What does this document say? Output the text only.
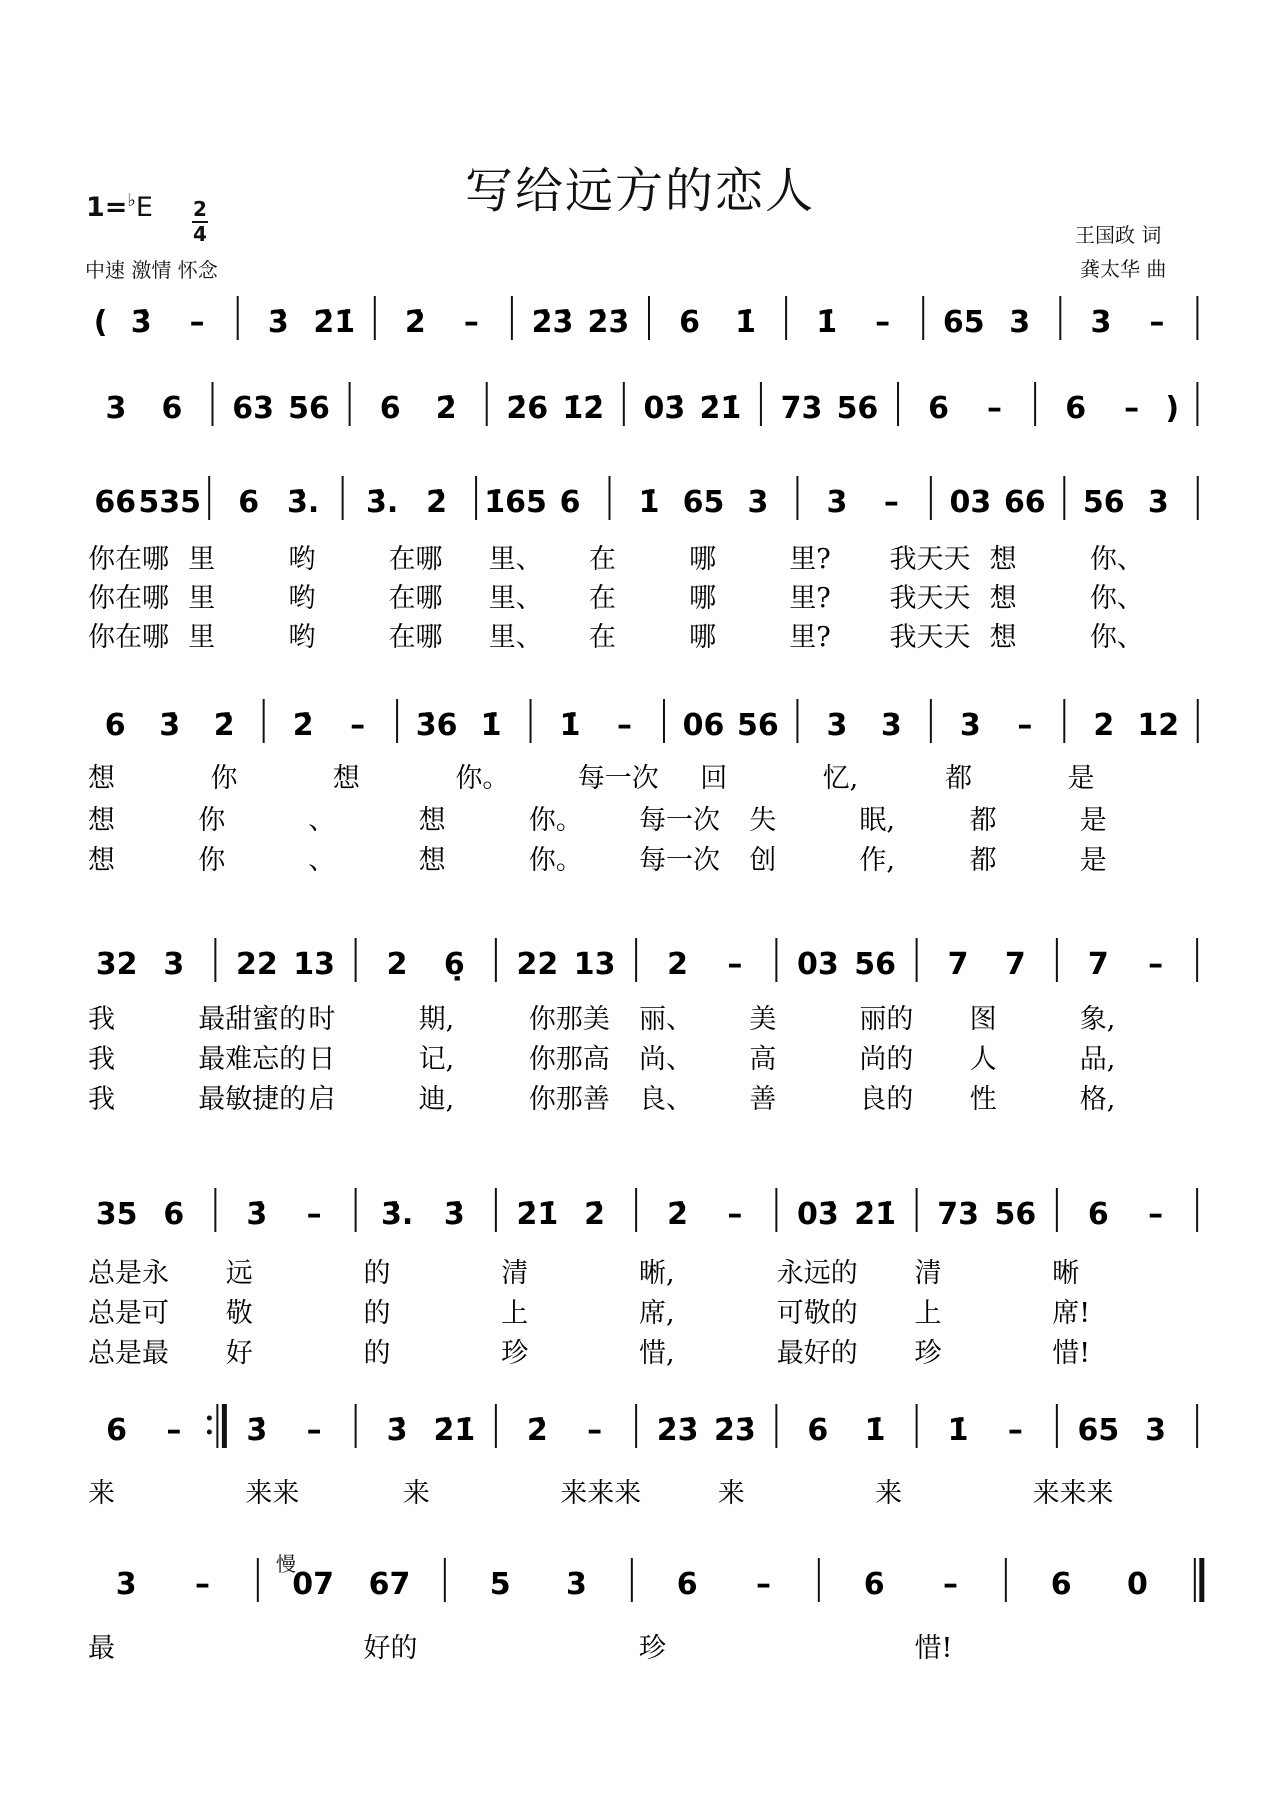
写给远方的恋人
1=♭E 2
4
中速 激情 怀念
王国政 词
龚太华 曲
慢
( 3̇ – 3̇ 2̇1̇ 2̇ – 2̇3̇ 2̇3̇ 6 1̇ 1̇ – 65 3 3 –
3 6 63 56 6 2̇ 2̇6 1̇2̇ 03̇ 2̇1̇ 73 56 6 – 6 – )
66 535 6 3̇. 3̇. 2̇ 1̇65 6 1̇ 65 3 3 – 03 66 56 3
你在哪 里	哟	在哪 里、 在	哪	里? 我天天 想	你、
你在哪 里	哟	在哪 里、 在	哪	里? 我天天 想	你、
你在哪 里	哟	在哪 里、 在	哪	里? 我天天 想	你、
6 3̇ 2̇ 2̇ – 3̇6 1̇ 1̇ – 06 56 3 3 3 – 2 12
想	你	想	你。	每一次 回	忆,	都	是
想	你	、	想	你。 每一次 失	眠,	都	是
想	你	、	想	你。 每一次 创	作,	都	是
32 3 22 13 2 6̣ 22 13 2 – 03 56 7 7 7 –
我	最甜蜜的 时	期,	你那美 丽、 美	丽的 图	象,
我	最难忘的 日	记,	你那高 尚、 高	尚的 人	品,
我	最敏捷的 启	迪,	你那善 良、 善	良的 性	格,
35 6 3̇ – 3̇. 3̇ 2̇1̇ 2̇ 2̇ – 03̇ 2̇1̇ 73 56 6 –
总是永 远	的	清	晰,	永远的 清	晰
总是可 敬	的	上	席,	可敬的 上	席!
总是最 好	的	珍	惜,	最好的 珍	惜!
6 – 3̇ – 3̇ 2̇1̇ 2̇ – 2̇3̇ 2̇3̇ 6 1̇ 1̇ – 65 3
来	来来	来	来来来	来	来	来来来
3 –	07 67	5 3	6 –	6 –	6 0
最	好的	珍	惜!
